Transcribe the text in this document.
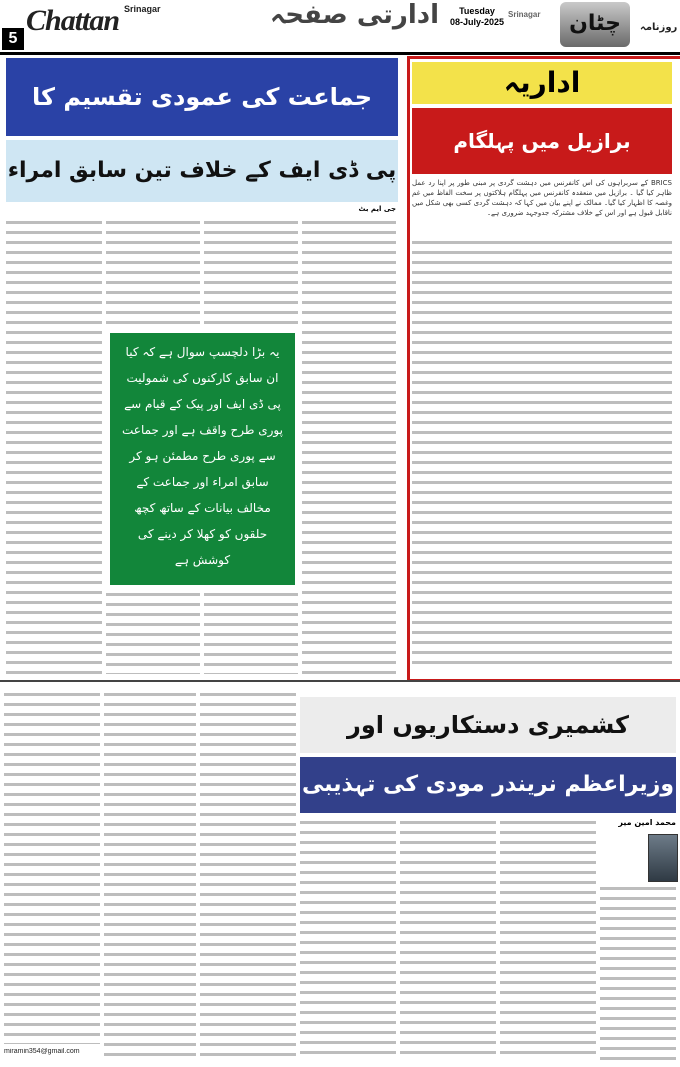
5
Chattan Srinagar	ادارتی صفحہ	Tuesday
08-July-2025
Srinagar	چٹان	روزنامہ
اداریہ
برازیل میں پہلگام
BRICS کے سربراہوں کی اس کانفرنس میں دہشت گردی پر مبنی طور پر اپنا رد عمل ظاہر کیا گیا ۔ برازیل میں منعقدہ کانفرنس میں پہلگام ہلاکتوں پر سخت الفاظ میں غم وغصہ کا اظہار کیا گیا۔ ممالک نے اپنے بیان میں کہا کہ دہشت گردی کسی بھی شکل میں ناقابل قبول ہے اور اس کے خلاف مشترکہ جدوجہد ضروری ہے۔
جماعت کی عمودی تقسیم کا
پی ڈی ایف کے خلاف تین سابق امراء
جی ایم بٹ
یہ بڑا دلچسپ سوال ہے کہ کیا ان سابق کارکنوں کی شمولیت پی ڈی ایف اور پیک کے قیام سے پوری طرح واقف ہے اور جماعت سے پوری طرح مطمئن ہو کر سابق امراء اور جماعت کے مخالف بیانات کے ساتھ کچھ حلقوں کو کھلا کر دینے کی کوشش ہے
کشمیری دستکاریوں اور
وزیراعظم نریندر مودی کی تہذیبی
محمد امین میر
miramin354@gmail.com
